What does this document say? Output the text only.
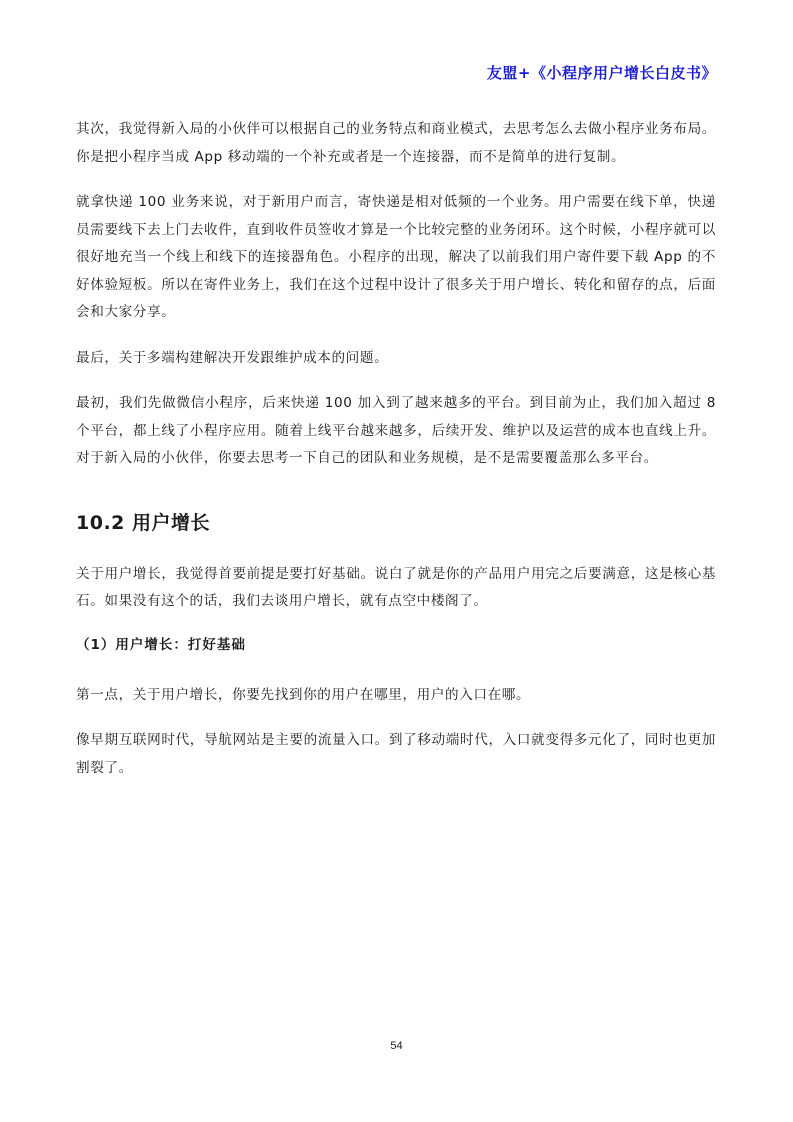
友盟+《小程序用户增长白皮书》

其次，我觉得新入局的小伙伴可以根据自己的业务特点和商业模式，去思考怎么去做小程序业务布局。你是把小程序当成 App 移动端的一个补充或者是一个连接器，而不是简单的进行复制。

就拿快递 100 业务来说，对于新用户而言，寄快递是相对低频的一个业务。用户需要在线下单，快递员需要线下去上门去收件，直到收件员签收才算是一个比较完整的业务闭环。这个时候，小程序就可以很好地充当一个线上和线下的连接器角色。小程序的出现，解决了以前我们用户寄件要下载 App 的不好体验短板。所以在寄件业务上，我们在这个过程中设计了很多关于用户增长、转化和留存的点，后面会和大家分享。

最后，关于多端构建解决开发跟维护成本的问题。

最初，我们先做微信小程序，后来快递 100 加入到了越来越多的平台。到目前为止，我们加入超过 8 个平台，都上线了小程序应用。随着上线平台越来越多，后续开发、维护以及运营的成本也直线上升。对于新入局的小伙伴，你要去思考一下自己的团队和业务规模，是不是需要覆盖那么多平台。

10.2 用户增长

关于用户增长，我觉得首要前提是要打好基础。说白了就是你的产品用户用完之后要满意，这是核心基石。如果没有这个的话，我们去谈用户增长，就有点空中楼阁了。

（1）用户增长：打好基础

第一点，关于用户增长，你要先找到你的用户在哪里，用户的入口在哪。

像早期互联网时代，导航网站是主要的流量入口。到了移动端时代，入口就变得多元化了，同时也更加割裂了。

54
